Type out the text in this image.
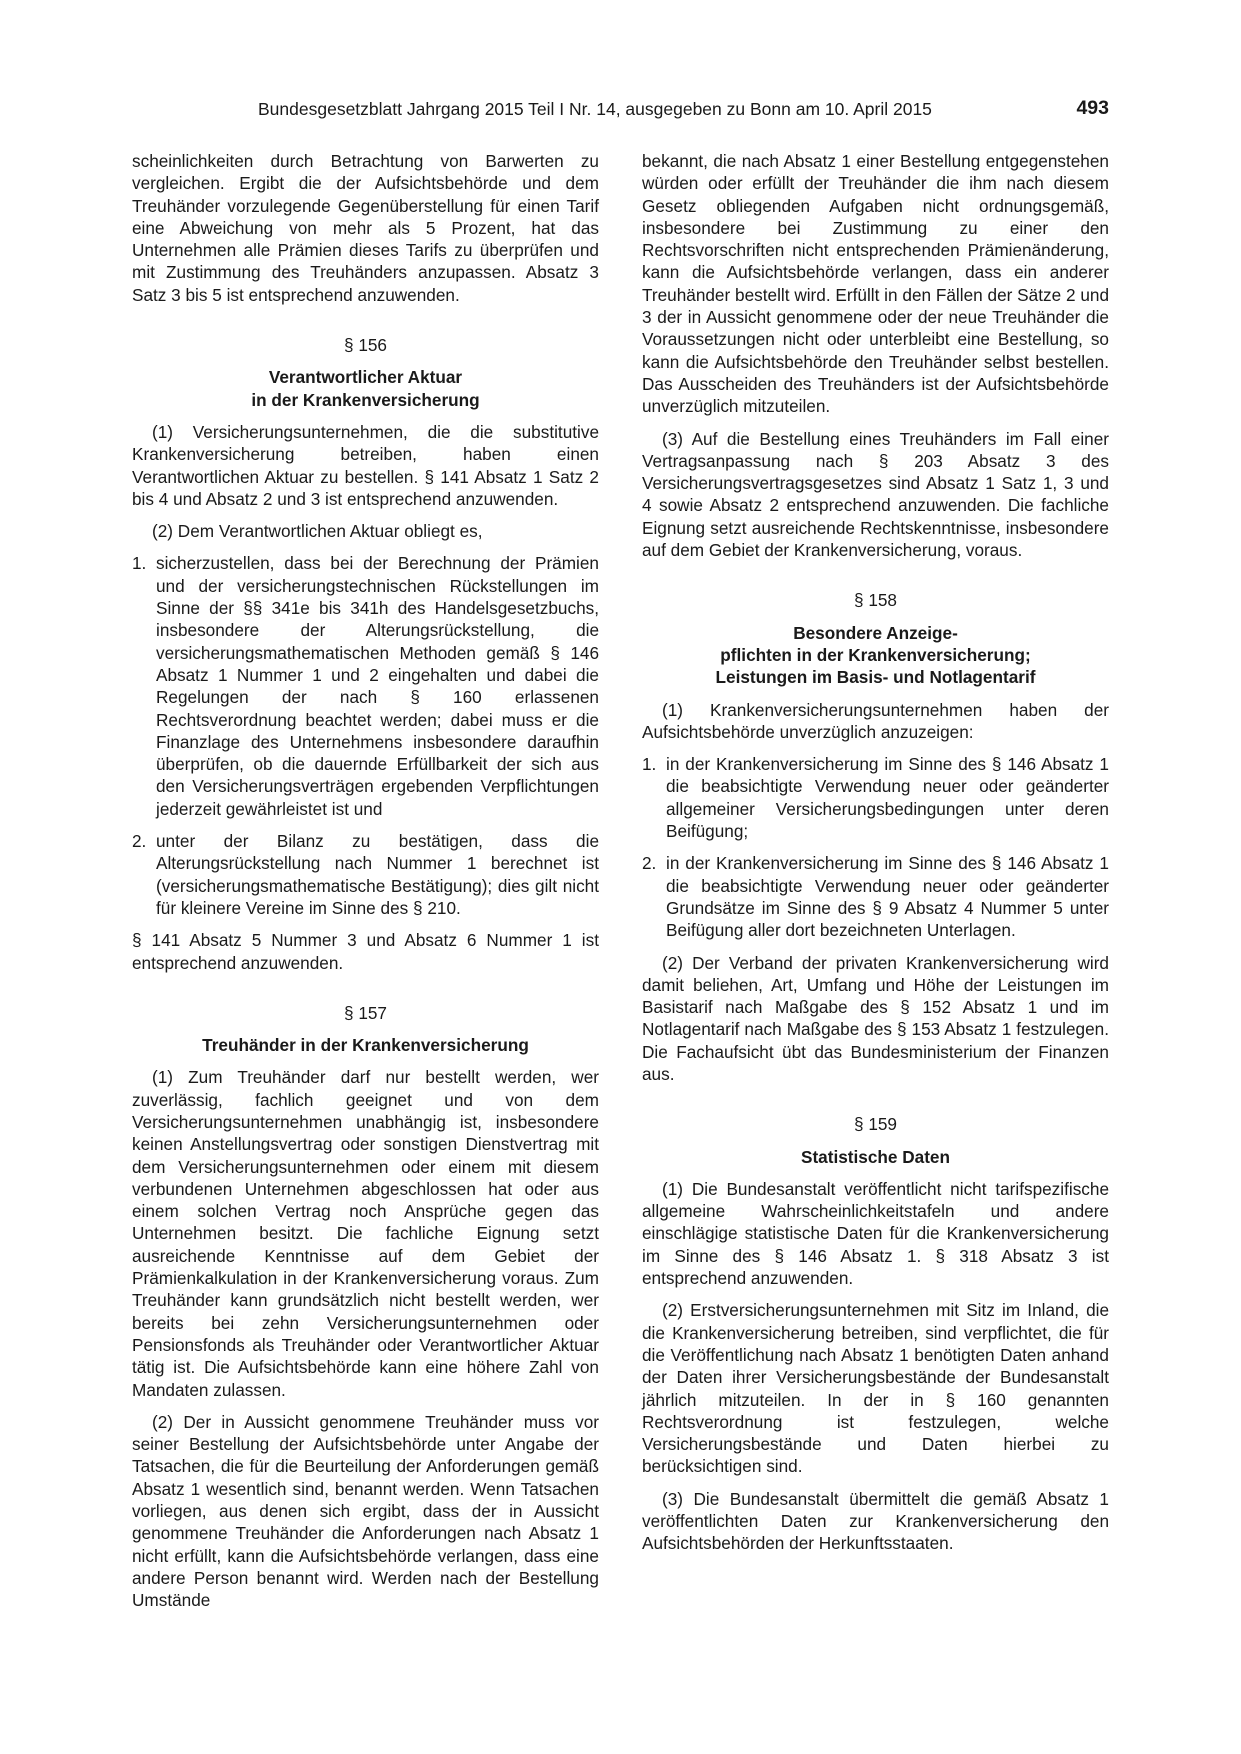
Bundesgesetzblatt Jahrgang 2015 Teil I Nr. 14, ausgegeben zu Bonn am 10. April 2015	493

scheinlichkeiten durch Betrachtung von Barwerten zu vergleichen. Ergibt die der Aufsichtsbehörde und dem Treuhänder vorzulegende Gegenüberstellung für einen Tarif eine Abweichung von mehr als 5 Prozent, hat das Unternehmen alle Prämien dieses Tarifs zu überprüfen und mit Zustimmung des Treuhänders anzupassen. Absatz 3 Satz 3 bis 5 ist entsprechend anzuwenden.

§ 156
Verantwortlicher Aktuar
in der Krankenversicherung

(1) Versicherungsunternehmen, die die substitutive Krankenversicherung betreiben, haben einen Verantwortlichen Aktuar zu bestellen. § 141 Absatz 1 Satz 2 bis 4 und Absatz 2 und 3 ist entsprechend anzuwenden.

(2) Dem Verantwortlichen Aktuar obliegt es,

1. sicherzustellen, dass bei der Berechnung der Prämien und der versicherungstechnischen Rückstellungen im Sinne der §§ 341e bis 341h des Handelsgesetzbuchs, insbesondere der Alterungsrückstellung, die versicherungsmathematischen Methoden gemäß § 146 Absatz 1 Nummer 1 und 2 eingehalten und dabei die Regelungen der nach § 160 erlassenen Rechtsverordnung beachtet werden; dabei muss er die Finanzlage des Unternehmens insbesondere daraufhin überprüfen, ob die dauernde Erfüllbarkeit der sich aus den Versicherungsverträgen ergebenden Verpflichtungen jederzeit gewährleistet ist und
2. unter der Bilanz zu bestätigen, dass die Alterungsrückstellung nach Nummer 1 berechnet ist (versicherungsmathematische Bestätigung); dies gilt nicht für kleinere Vereine im Sinne des § 210.

§ 141 Absatz 5 Nummer 3 und Absatz 6 Nummer 1 ist entsprechend anzuwenden.

§ 157
Treuhänder in der Krankenversicherung

(1) Zum Treuhänder darf nur bestellt werden, wer zuverlässig, fachlich geeignet und von dem Versicherungsunternehmen unabhängig ist, insbesondere keinen Anstellungsvertrag oder sonstigen Dienstvertrag mit dem Versicherungsunternehmen oder einem mit diesem verbundenen Unternehmen abgeschlossen hat oder aus einem solchen Vertrag noch Ansprüche gegen das Unternehmen besitzt. Die fachliche Eignung setzt ausreichende Kenntnisse auf dem Gebiet der Prämienkalkulation in der Krankenversicherung voraus. Zum Treuhänder kann grundsätzlich nicht bestellt werden, wer bereits bei zehn Versicherungsunternehmen oder Pensionsfonds als Treuhänder oder Verantwortlicher Aktuar tätig ist. Die Aufsichtsbehörde kann eine höhere Zahl von Mandaten zulassen.

(2) Der in Aussicht genommene Treuhänder muss vor seiner Bestellung der Aufsichtsbehörde unter Angabe der Tatsachen, die für die Beurteilung der Anforderungen gemäß Absatz 1 wesentlich sind, benannt werden. Wenn Tatsachen vorliegen, aus denen sich ergibt, dass der in Aussicht genommene Treuhänder die Anforderungen nach Absatz 1 nicht erfüllt, kann die Aufsichtsbehörde verlangen, dass eine andere Person benannt wird. Werden nach der Bestellung Umstände

bekannt, die nach Absatz 1 einer Bestellung entgegenstehen würden oder erfüllt der Treuhänder die ihm nach diesem Gesetz obliegenden Aufgaben nicht ordnungsgemäß, insbesondere bei Zustimmung zu einer den Rechtsvorschriften nicht entsprechenden Prämienänderung, kann die Aufsichtsbehörde verlangen, dass ein anderer Treuhänder bestellt wird. Erfüllt in den Fällen der Sätze 2 und 3 der in Aussicht genommene oder der neue Treuhänder die Voraussetzungen nicht oder unterbleibt eine Bestellung, so kann die Aufsichtsbehörde den Treuhänder selbst bestellen. Das Ausscheiden des Treuhänders ist der Aufsichtsbehörde unverzüglich mitzuteilen.

(3) Auf die Bestellung eines Treuhänders im Fall einer Vertragsanpassung nach § 203 Absatz 3 des Versicherungsvertragsgesetzes sind Absatz 1 Satz 1, 3 und 4 sowie Absatz 2 entsprechend anzuwenden. Die fachliche Eignung setzt ausreichende Rechtskenntnisse, insbesondere auf dem Gebiet der Krankenversicherung, voraus.

§ 158
Besondere Anzeige-
pflichten in der Krankenversicherung;
Leistungen im Basis- und Notlagentarif

(1) Krankenversicherungsunternehmen haben der Aufsichtsbehörde unverzüglich anzuzeigen:

1. in der Krankenversicherung im Sinne des § 146 Absatz 1 die beabsichtigte Verwendung neuer oder geänderter allgemeiner Versicherungsbedingungen unter deren Beifügung;
2. in der Krankenversicherung im Sinne des § 146 Absatz 1 die beabsichtigte Verwendung neuer oder geänderter Grundsätze im Sinne des § 9 Absatz 4 Nummer 5 unter Beifügung aller dort bezeichneten Unterlagen.

(2) Der Verband der privaten Krankenversicherung wird damit beliehen, Art, Umfang und Höhe der Leistungen im Basistarif nach Maßgabe des § 152 Absatz 1 und im Notlagentarif nach Maßgabe des § 153 Absatz 1 festzulegen. Die Fachaufsicht übt das Bundesministerium der Finanzen aus.

§ 159
Statistische Daten

(1) Die Bundesanstalt veröffentlicht nicht tarifspezifische allgemeine Wahrscheinlichkeitstafeln und andere einschlägige statistische Daten für die Krankenversicherung im Sinne des § 146 Absatz 1. § 318 Absatz 3 ist entsprechend anzuwenden.

(2) Erstversicherungsunternehmen mit Sitz im Inland, die die Krankenversicherung betreiben, sind verpflichtet, die für die Veröffentlichung nach Absatz 1 benötigten Daten anhand der Daten ihrer Versicherungsbestände der Bundesanstalt jährlich mitzuteilen. In der in § 160 genannten Rechtsverordnung ist festzulegen, welche Versicherungsbestände und Daten hierbei zu berücksichtigen sind.

(3) Die Bundesanstalt übermittelt die gemäß Absatz 1 veröffentlichten Daten zur Krankenversicherung den Aufsichtsbehörden der Herkunftsstaaten.
